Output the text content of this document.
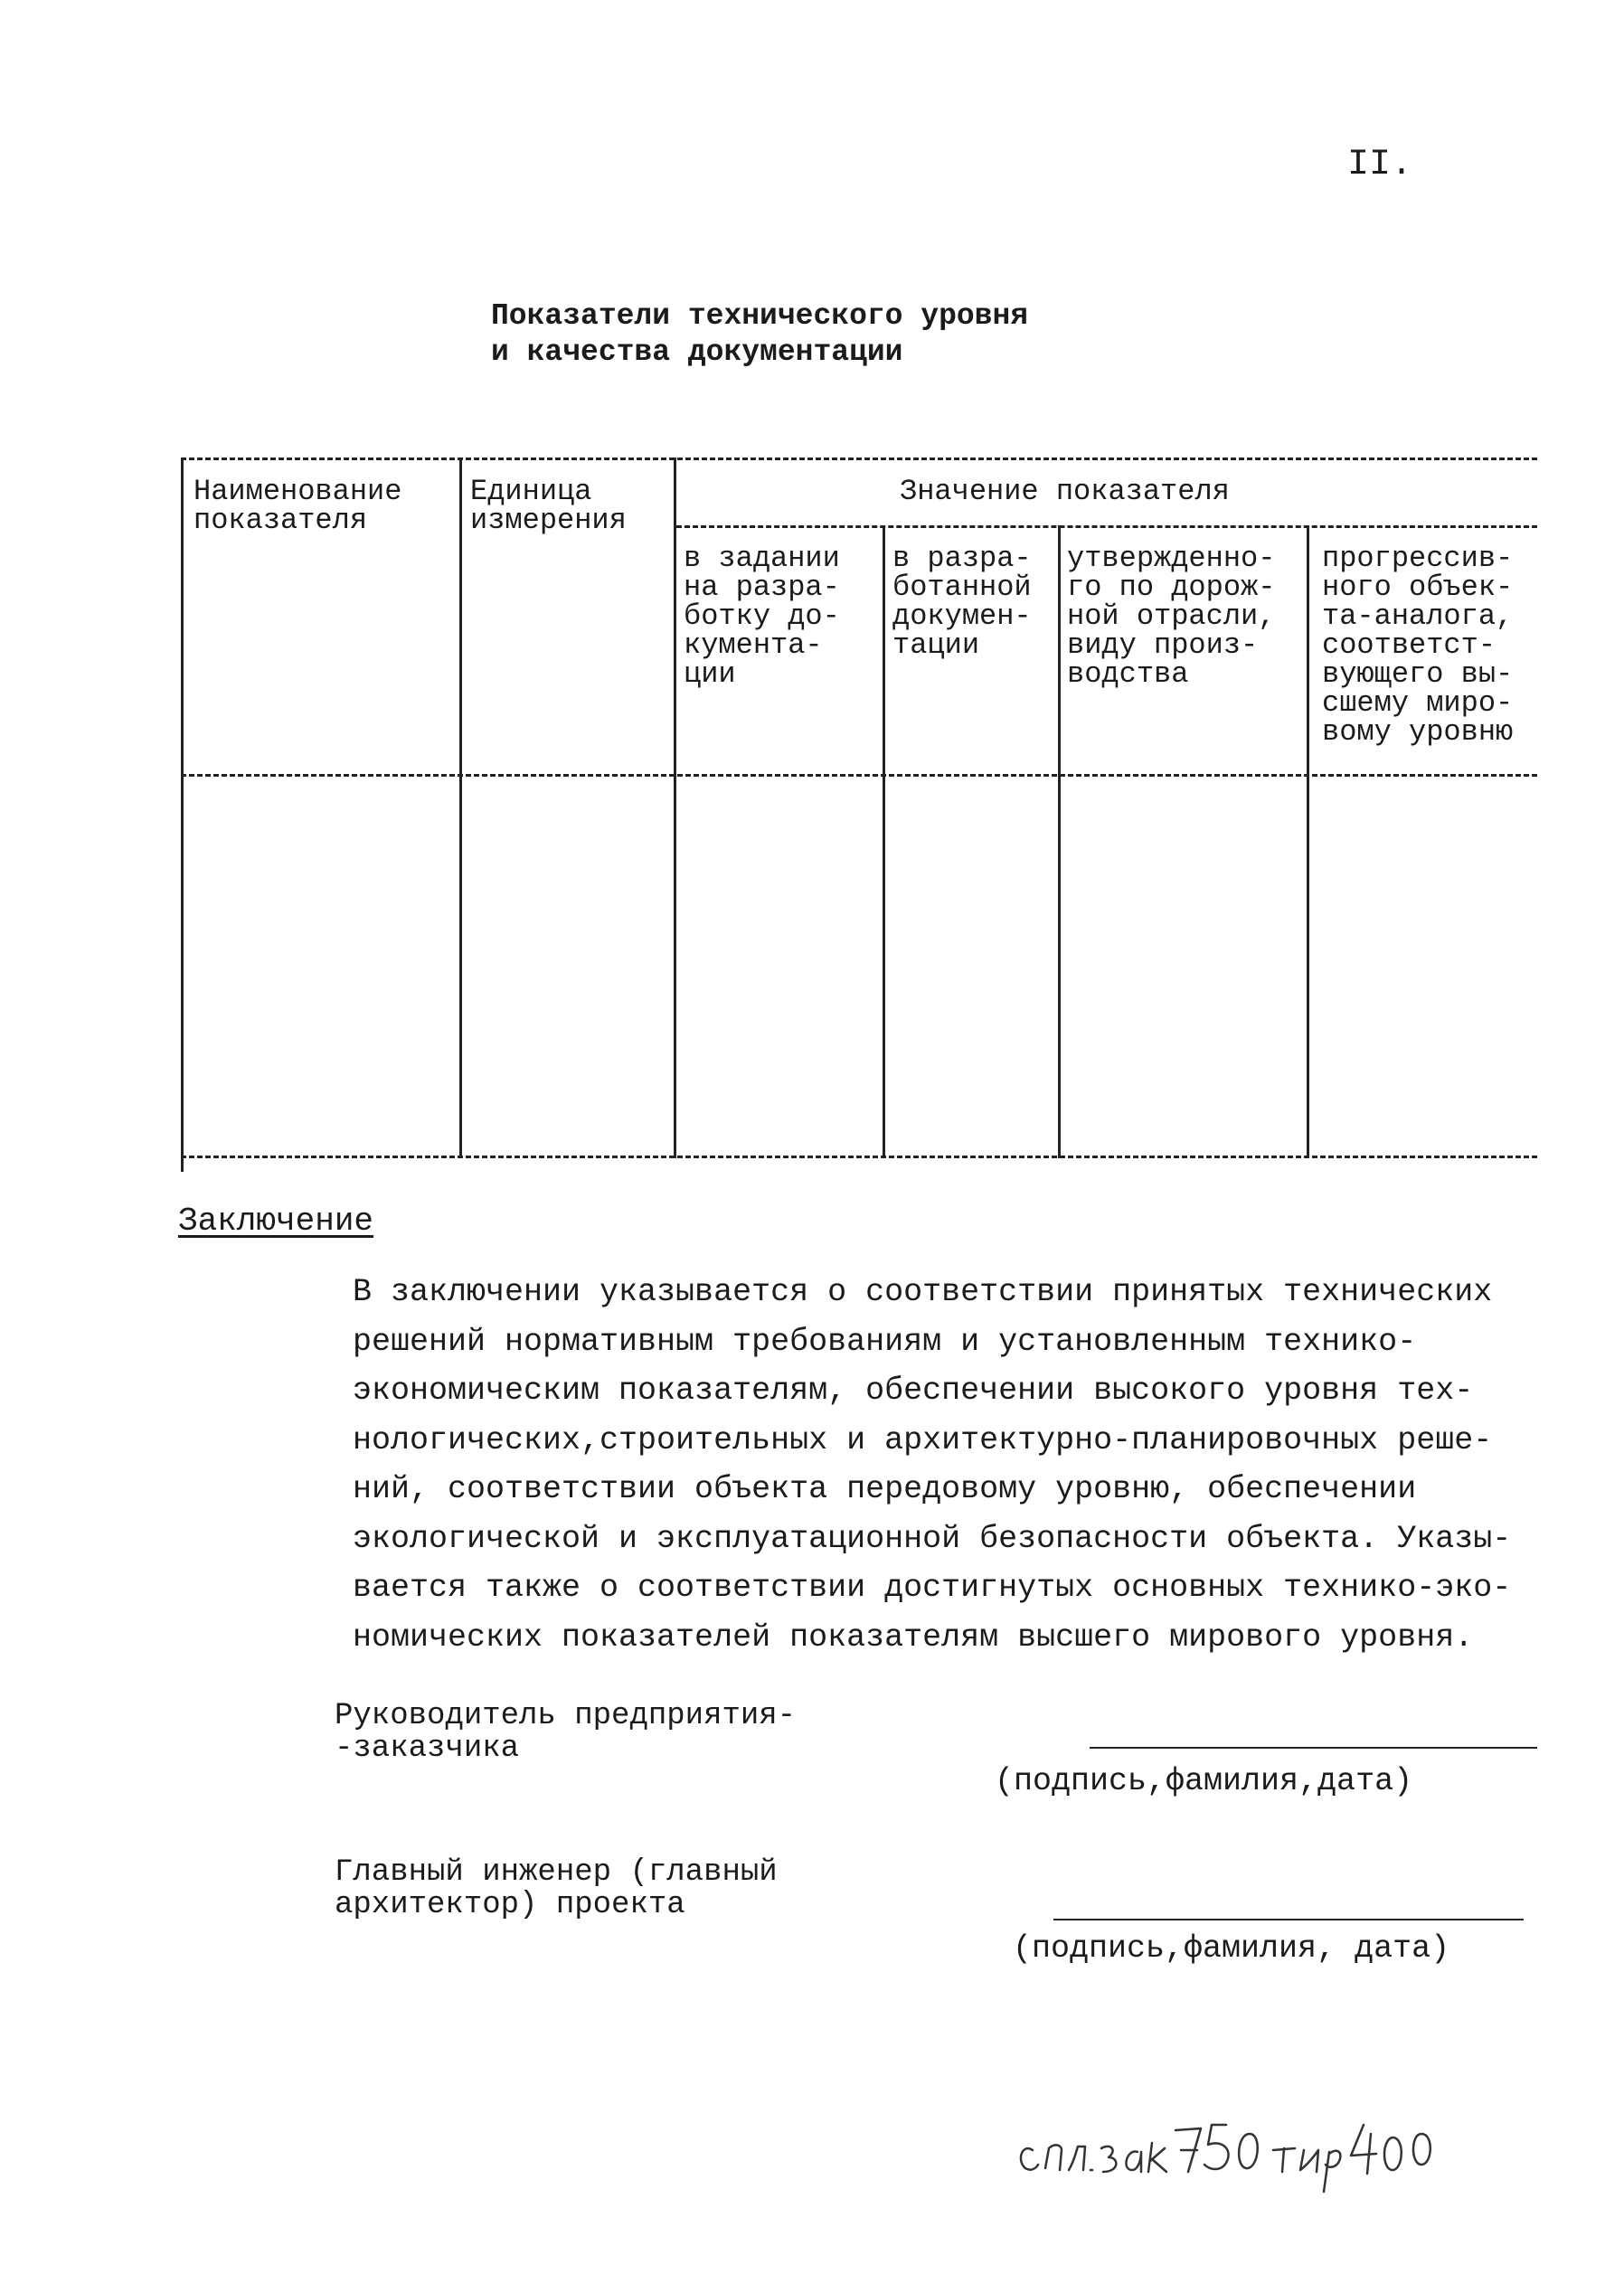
II.
Показатели технического уровня
и качества документации
Наименование
показателя
Единица
измерения
Значение показателя
в задании
на разра-
ботку до-
кумента-
ции
в разра-
ботанной
докумен-
тации
утвержденно-
го по дорож-
ной отрасли,
виду произ-
водства
прогрессив-
ного объек-
та-аналога,
соответст-
вующего вы-
сшему миро-
вому уровню
Заключение
В заключении указывается о соответствии принятых технических
решений нормативным требованиям и установленным технико-
экономическим показателям, обеспечении высокого уровня тех-
нологических,строительных и архитектурно-планировочных реше-
ний, соответствии объекта передовому уровню, обеспечении
экологической и эксплуатационной безопасности объекта. Указы-
вается также о соответствии достигнутых основных технико-эко-
номических показателей показателям высшего мирового уровня.
Руководитель предприятия-
-заказчика
(подпись,фамилия,дата)
Главный инженер (главный
архитектор) проекта
(подпись,фамилия, дата)
